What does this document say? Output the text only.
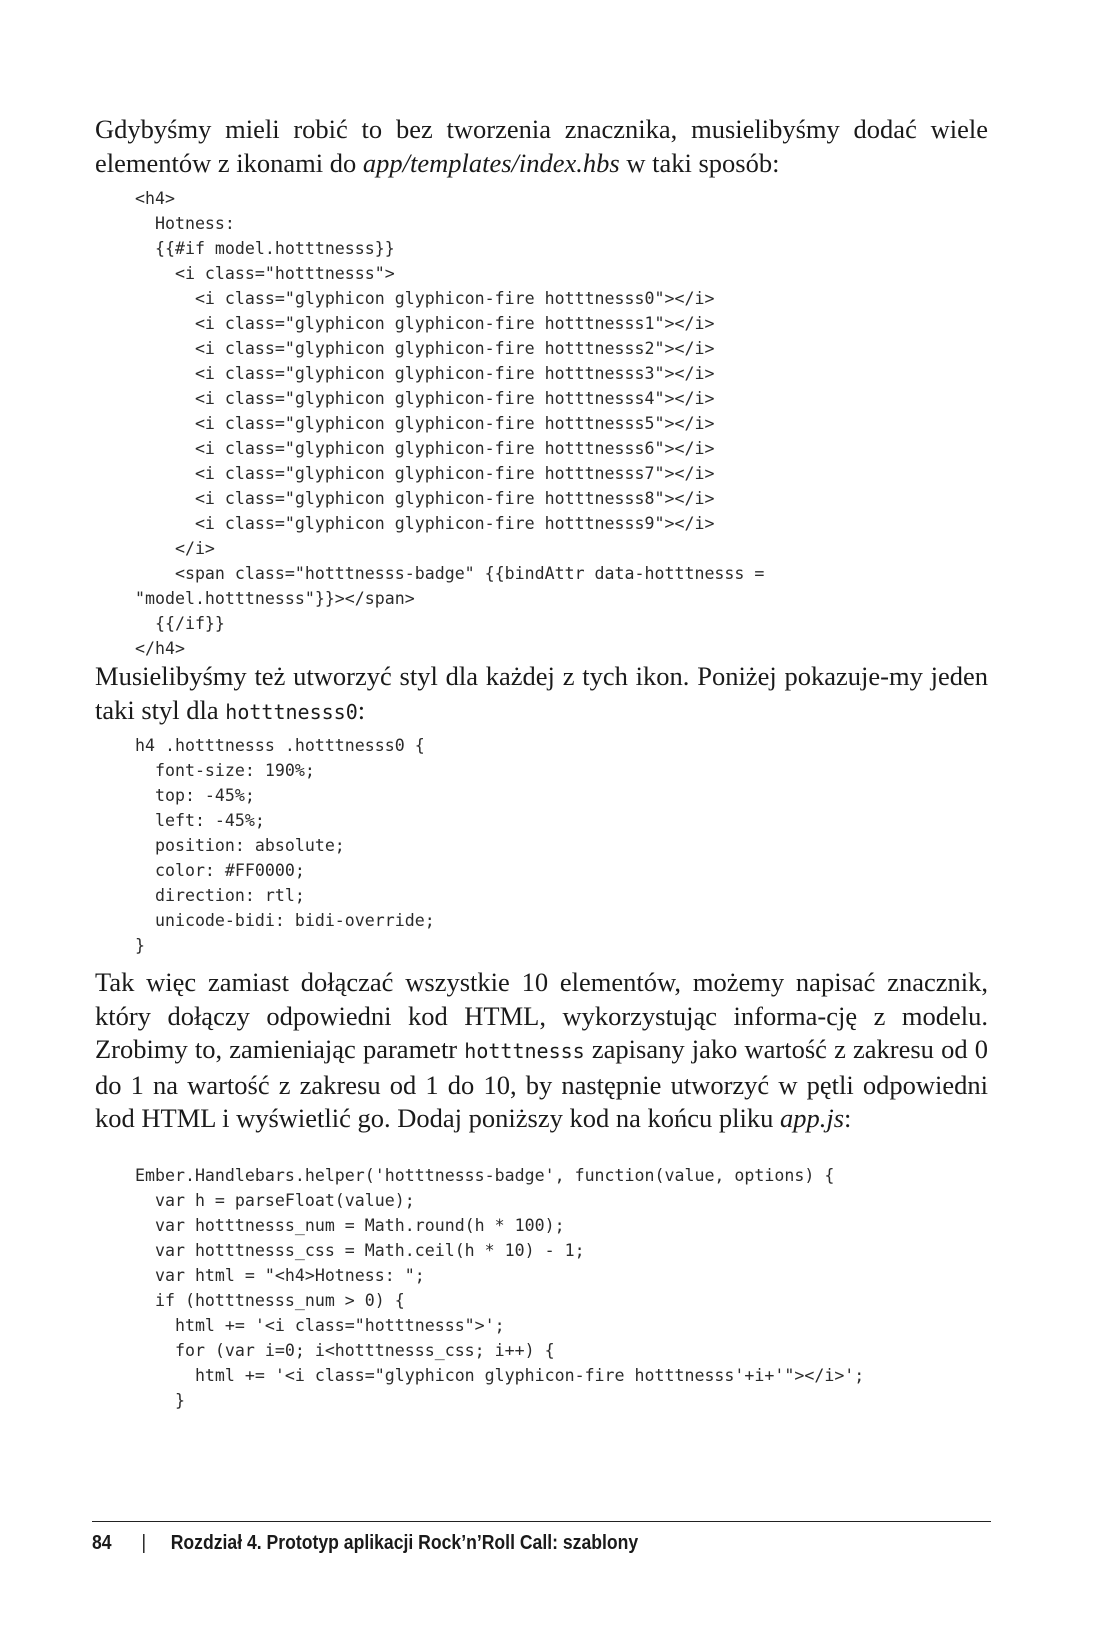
Gdybyśmy mieli robić to bez tworzenia znacznika, musielibyśmy dodać wiele elementów z ikonami do app/templates/index.hbs w taki sposób:

<h4>
Hotness:
{{#if model.hotttnesss}}
<i class="hotttnesss">
<i class="glyphicon glyphicon-fire hotttnesss0"></i>
<i class="glyphicon glyphicon-fire hotttnesss1"></i>
<i class="glyphicon glyphicon-fire hotttnesss2"></i>
<i class="glyphicon glyphicon-fire hotttnesss3"></i>
<i class="glyphicon glyphicon-fire hotttnesss4"></i>
<i class="glyphicon glyphicon-fire hotttnesss5"></i>
<i class="glyphicon glyphicon-fire hotttnesss6"></i>
<i class="glyphicon glyphicon-fire hotttnesss7"></i>
<i class="glyphicon glyphicon-fire hotttnesss8"></i>
<i class="glyphicon glyphicon-fire hotttnesss9"></i>
</i>
<span class="hotttnesss-badge" {{bindAttr data-hotttnesss =
"model.hotttnesss"}}></span>
{{/if}}
</h4>

Musielibyśmy też utworzyć styl dla każdej z tych ikon. Poniżej pokazuje-my jeden taki styl dla hotttnesss0:

h4 .hotttnesss .hotttnesss0 {
font-size: 190%;
top: -45%;
left: -45%;
position: absolute;
color: #FF0000;
direction: rtl;
unicode-bidi: bidi-override;
}

Tak więc zamiast dołączać wszystkie 10 elementów, możemy napisać znacznik, który dołączy odpowiedni kod HTML, wykorzystując informa-cję z modelu. Zrobimy to, zamieniając parametr hotttnesss zapisany jako wartość z zakresu od 0 do 1 na wartość z zakresu od 1 do 10, by następnie utworzyć w pętli odpowiedni kod HTML i wyświetlić go. Dodaj poniższy kod na końcu pliku app.js:

Ember.Handlebars.helper('hotttnesss-badge', function(value, options) {
var h = parseFloat(value);
var hotttnesss_num = Math.round(h * 100);
var hotttnesss_css = Math.ceil(h * 10) - 1;
var html = "<h4>Hotness: ";
if (hotttnesss_num > 0) {
html += '<i class="hotttnesss">';
for (var i=0; i<hotttnesss_css; i++) {
html += '<i class="glyphicon glyphicon-fire hotttnesss'+i+'"></i>';
}
84 | Rozdział 4. Prototyp aplikacji Rock’n’Roll Call: szablony
